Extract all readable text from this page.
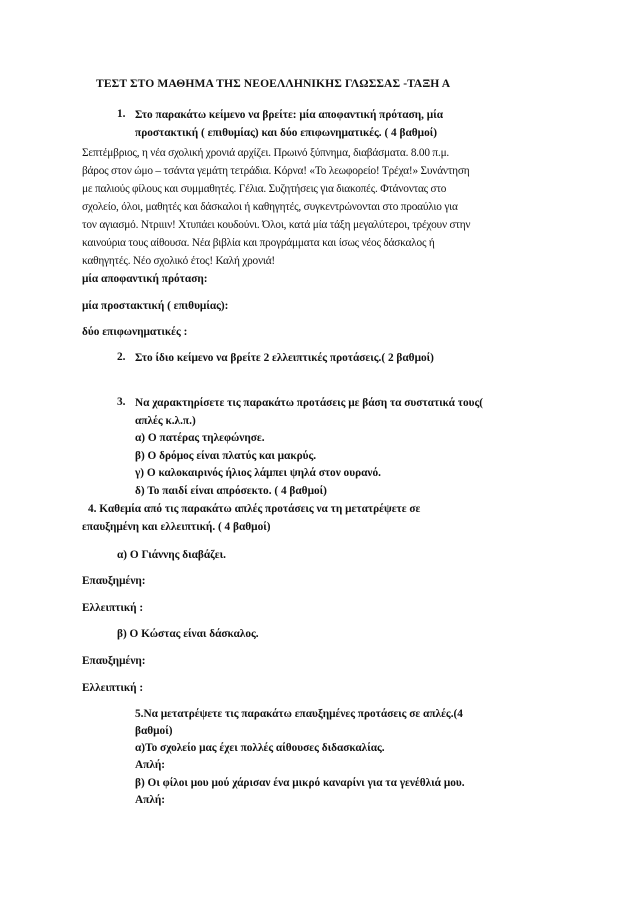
ΤΕΣΤ ΣΤΟ ΜΑΘΗΜΑ ΤΗΣ ΝΕΟΕΛΛΗΝΙΚΗΣ ΓΛΩΣΣΑΣ -ΤΑΞΗ Α
1. Στο παρακάτω κείμενο να βρείτε: μία αποφαντική πρόταση, μία
προστακτική ( επιθυμίας) και δύο επιφωνηματικές. ( 4 βαθμοί)
Σεπτέμβριος, η νέα σχολική χρονιά αρχίζει. Πρωινό ξύπνημα, διαβάσματα. 8.00 π.μ.
βάρος στον ώμο – τσάντα γεμάτη τετράδια. Κόρνα! «Το λεωφορείο! Τρέχα!» Συνάντηση
με παλιούς φίλους και συμμαθητές. Γέλια. Συζητήσεις για διακοπές. Φτάνοντας στο
σχολείο, όλοι, μαθητές και δάσκαλοι ή καθηγητές, συγκεντρώνονται στο προαύλιο για
τον αγιασμό. Ντριιιν! Χτυπάει κουδούνι. Όλοι, κατά μία τάξη μεγαλύτεροι, τρέχουν στην
καινούρια τους αίθουσα. Νέα βιβλία και προγράμματα και ίσως νέος δάσκαλος ή
καθηγητές. Νέο σχολικό έτος! Καλή χρονιά!
μία αποφαντική πρόταση:
μία προστακτική ( επιθυμίας):
δύο επιφωνηματικές :
2. Στο ίδιο κείμενο να βρείτε 2 ελλειπτικές προτάσεις.( 2 βαθμοί)
3. Να χαρακτηρίσετε τις παρακάτω προτάσεις με βάση τα συστατικά τους(
απλές κ.λ.π.)
α) Ο πατέρας τηλεφώνησε.
β) Ο δρόμος είναι πλατύς και μακρύς.
γ) Ο καλοκαιρινός ήλιος λάμπει ψηλά στον ουρανό.
δ) Το παιδί είναι απρόσεκτο. ( 4 βαθμοί)
4. Καθεμία από τις παρακάτω απλές προτάσεις να τη μετατρέψετε σε
επαυξημένη και ελλειπτική. ( 4 βαθμοί)
α) Ο Γιάννης διαβάζει.
Επαυξημένη:
Ελλειπτική :
β) Ο Κώστας είναι δάσκαλος.
Επαυξημένη:
Ελλειπτική :
5.Να μετατρέψετε τις παρακάτω επαυξημένες προτάσεις σε απλές.(4
βαθμοί)
α)Το σχολείο μας έχει πολλές αίθουσες διδασκαλίας.
Απλή:
β) Οι φίλοι μου μού χάρισαν ένα μικρό καναρίνι για τα γενέθλιά μου.
Απλή:
